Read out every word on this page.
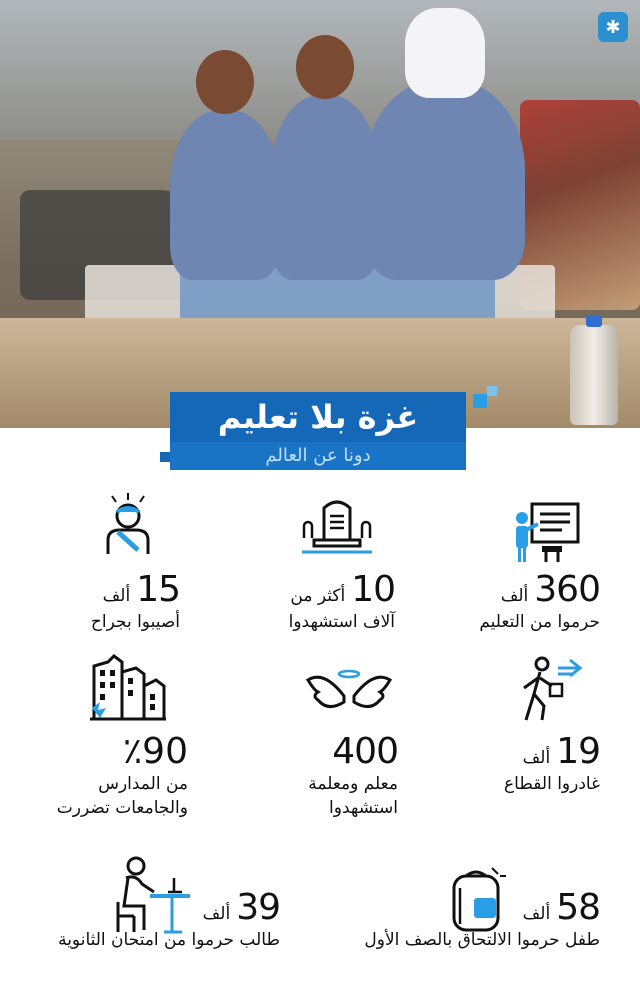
✱
غزة بلا تعليم
دونا عن العالم
360
ألف
حرموا من التعليم
10
أكثر من
آلاف استشهدوا
15
ألف
أصيبوا بجراح
19
ألف
غادروا القطاع
400
معلم ومعلمة
استشهدوا
٪90
من المدارس
والجامعات تضررت
58
ألف
طفل حرموا الالتحاق بالصف الأول
39
ألف
طالب حرموا من امتحان الثانوية
